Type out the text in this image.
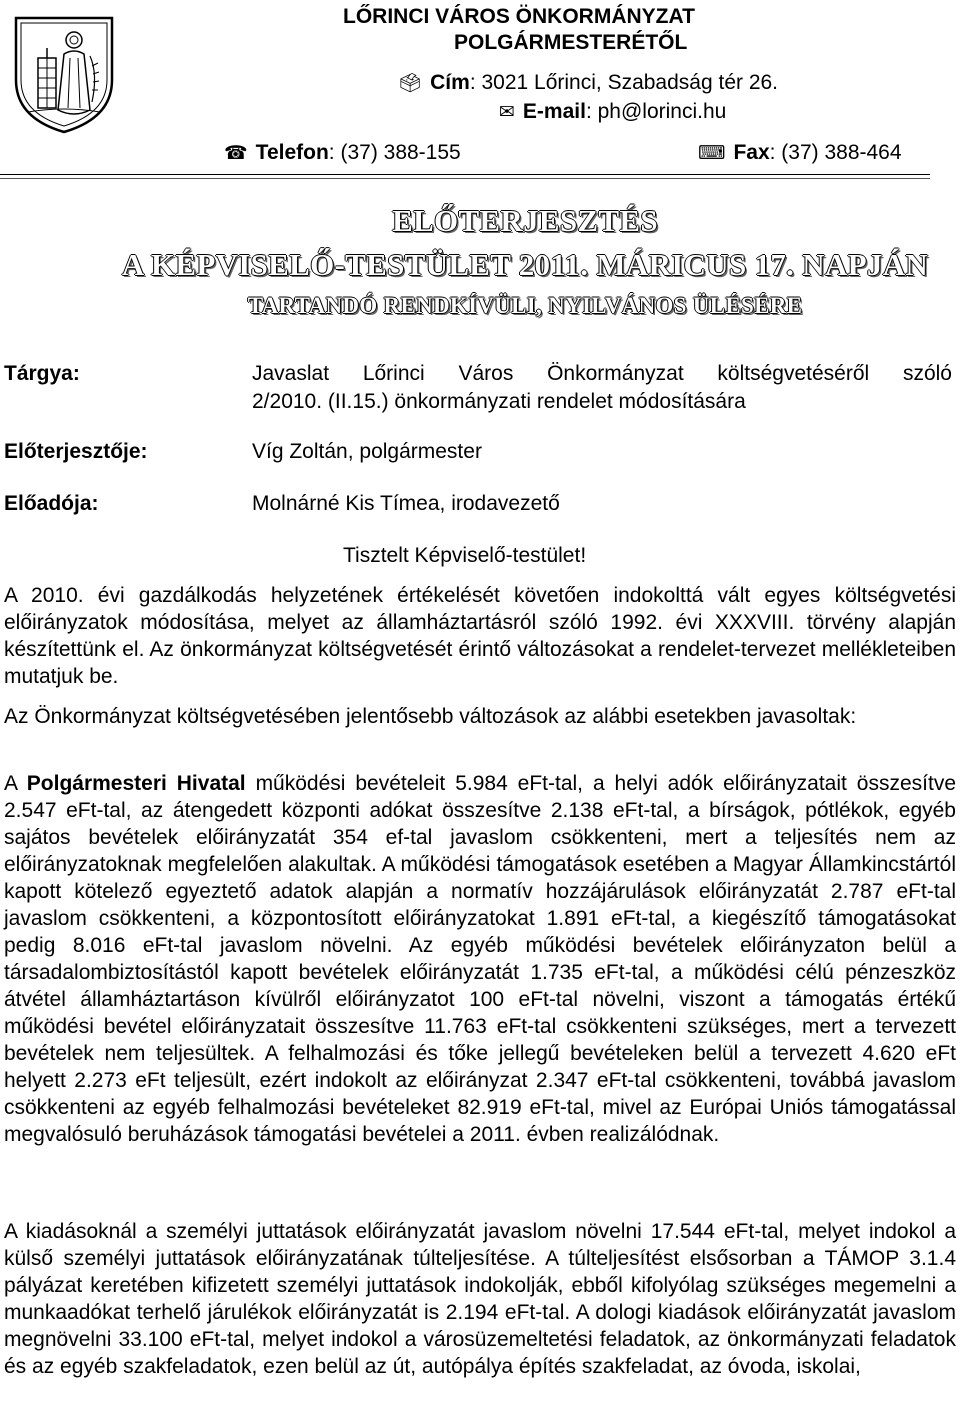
LŐRINCI VÁROS ÖNKORMÁNYZAT
POLGÁRMESTERÉTŐL
🗳 Cím: 3021 Lőrinci, Szabadság tér 26.
✉ E-mail: ph@lorinci.hu
☎ Telefon: (37) 388-155	⌨ Fax: (37) 388-464
ELŐTERJESZTÉS
A KÉPVISELŐ-TESTÜLET 2011. MÁRICUS 17. NAPJÁN
TARTANDÓ RENDKÍVÜLI, NYILVÁNOS ÜLÉSÉRE
Tárgya:	Javaslat Lőrinci Város Önkormányzat költségvetéséről szóló
2/2010. (II.15.) önkormányzati rendelet módosítására
Előterjesztője:	Víg Zoltán, polgármester
Előadója:	Molnárné Kis Tímea, irodavezető
Tisztelt Képviselő-testület!

A 2010. évi gazdálkodás helyzetének értékelését követően indokolttá vált egyes költségvetési előirányzatok módosítása, melyet az államháztartásról szóló 1992. évi XXXVIII. törvény alapján készítettünk el. Az önkormányzat költségvetését érintő változásokat a rendelet-tervezet mellékleteiben mutatjuk be.

Az Önkormányzat költségvetésében jelentősebb változások az alábbi esetekben javasoltak:

A Polgármesteri Hivatal működési bevételeit 5.984 eFt-tal, a helyi adók előirányzatait összesítve 2.547 eFt-tal, az átengedett központi adókat összesítve 2.138 eFt-tal, a bírságok, pótlékok, egyéb sajátos bevételek előirányzatát 354 ef-tal javaslom csökkenteni, mert a teljesítés nem az előirányzatoknak megfelelően alakultak. A működési támogatások esetében a Magyar Államkincstártól kapott kötelező egyeztető adatok alapján a normatív hozzájárulások előirányzatát 2.787 eFt-tal javaslom csökkenteni, a központosított előirányzatokat 1.891 eFt-tal, a kiegészítő támogatásokat pedig 8.016 eFt-tal javaslom növelni. Az egyéb működési bevételek előirányzaton belül a társadalombiztosítástól kapott bevételek előirányzatát 1.735 eFt-tal, a működési célú pénzeszköz átvétel államháztartáson kívülről előirányzatot 100 eFt-tal növelni, viszont a támogatás értékű működési bevétel előirányzatait összesítve 11.763 eFt-tal csökkenteni szükséges, mert a tervezett bevételek nem teljesültek. A felhalmozási és tőke jellegű bevételeken belül a tervezett 4.620 eFt helyett 2.273 eFt teljesült, ezért indokolt az előirányzat 2.347 eFt-tal csökkenteni, továbbá javaslom csökkenteni az egyéb felhalmozási bevételeket 82.919 eFt-tal, mivel az Európai Uniós támogatással megvalósuló beruházások támogatási bevételei a 2011. évben realizálódnak.

A kiadásoknál a személyi juttatások előirányzatát javaslom növelni 17.544 eFt-tal, melyet indokol a külső személyi juttatások előirányzatának túlteljesítése. A túlteljesítést elsősorban a TÁMOP 3.1.4 pályázat keretében kifizetett személyi juttatások indokolják, ebből kifolyólag szükséges megemelni a munkaadókat terhelő járulékok előirányzatát is 2.194 eFt-tal. A dologi kiadások előirányzatát javaslom megnövelni 33.100 eFt-tal, melyet indokol a városüzemeltetési feladatok, az önkormányzati feladatok és az egyéb szakfeladatok, ezen belül az út, autópálya építés szakfeladat, az óvoda, iskolai,
